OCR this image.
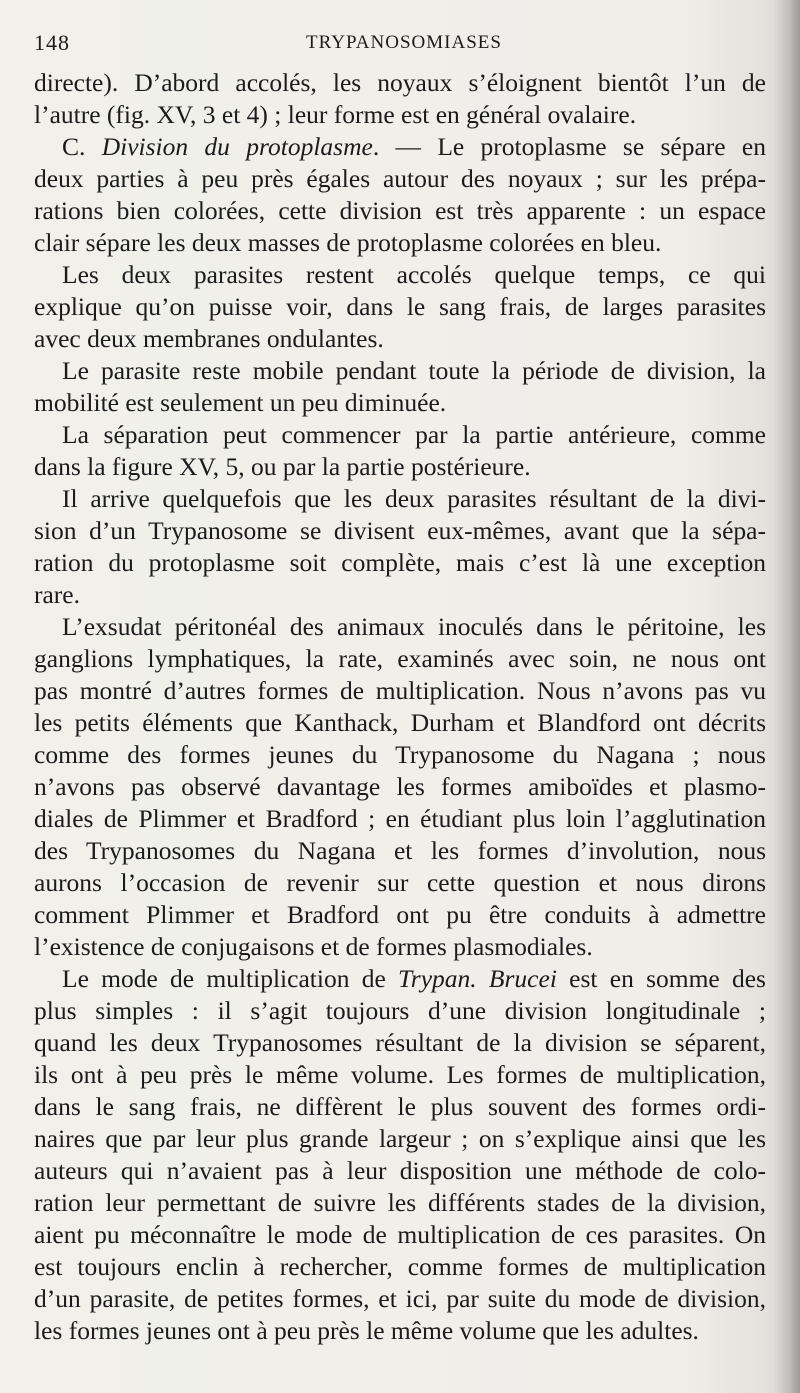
148	TRYPANOSOMIASES
directe). D’abord accolés, les noyaux s’éloignent bientôt l’un de
l’autre (fig. XV, 3 et 4) ; leur forme est en général ovalaire.
C. Division du protoplasme. — Le protoplasme se sépare en
deux parties à peu près égales autour des noyaux ; sur les prépa-
rations bien colorées, cette division est très apparente : un espace
clair sépare les deux masses de protoplasme colorées en bleu.
Les deux parasites restent accolés quelque temps, ce qui
explique qu’on puisse voir, dans le sang frais, de larges parasites
avec deux membranes ondulantes.
Le parasite reste mobile pendant toute la période de division, la
mobilité est seulement un peu diminuée.
La séparation peut commencer par la partie antérieure, comme
dans la figure XV, 5, ou par la partie postérieure.
Il arrive quelquefois que les deux parasites résultant de la divi-
sion d’un Trypanosome se divisent eux-mêmes, avant que la sépa-
ration du protoplasme soit complète, mais c’est là une exception
rare.
L’exsudat péritonéal des animaux inoculés dans le péritoine, les
ganglions lymphatiques, la rate, examinés avec soin, ne nous ont
pas montré d’autres formes de multiplication. Nous n’avons pas vu
les petits éléments que Kanthack, Durham et Blandford ont décrits
comme des formes jeunes du Trypanosome du Nagana ; nous
n’avons pas observé davantage les formes amiboïdes et plasmo-
diales de Plimmer et Bradford ; en étudiant plus loin l’agglutination
des Trypanosomes du Nagana et les formes d’involution, nous
aurons l’occasion de revenir sur cette question et nous dirons
comment Plimmer et Bradford ont pu être conduits à admettre
l’existence de conjugaisons et de formes plasmodiales.
Le mode de multiplication de Trypan. Brucei est en somme des
plus simples : il s’agit toujours d’une division longitudinale ;
quand les deux Trypanosomes résultant de la division se séparent,
ils ont à peu près le même volume. Les formes de multiplication,
dans le sang frais, ne diffèrent le plus souvent des formes ordi-
naires que par leur plus grande largeur ; on s’explique ainsi que les
auteurs qui n’avaient pas à leur disposition une méthode de colo-
ration leur permettant de suivre les différents stades de la division,
aient pu méconnaître le mode de multiplication de ces parasites. On
est toujours enclin à rechercher, comme formes de multiplication
d’un parasite, de petites formes, et ici, par suite du mode de division,
les formes jeunes ont à peu près le même volume que les adultes.
